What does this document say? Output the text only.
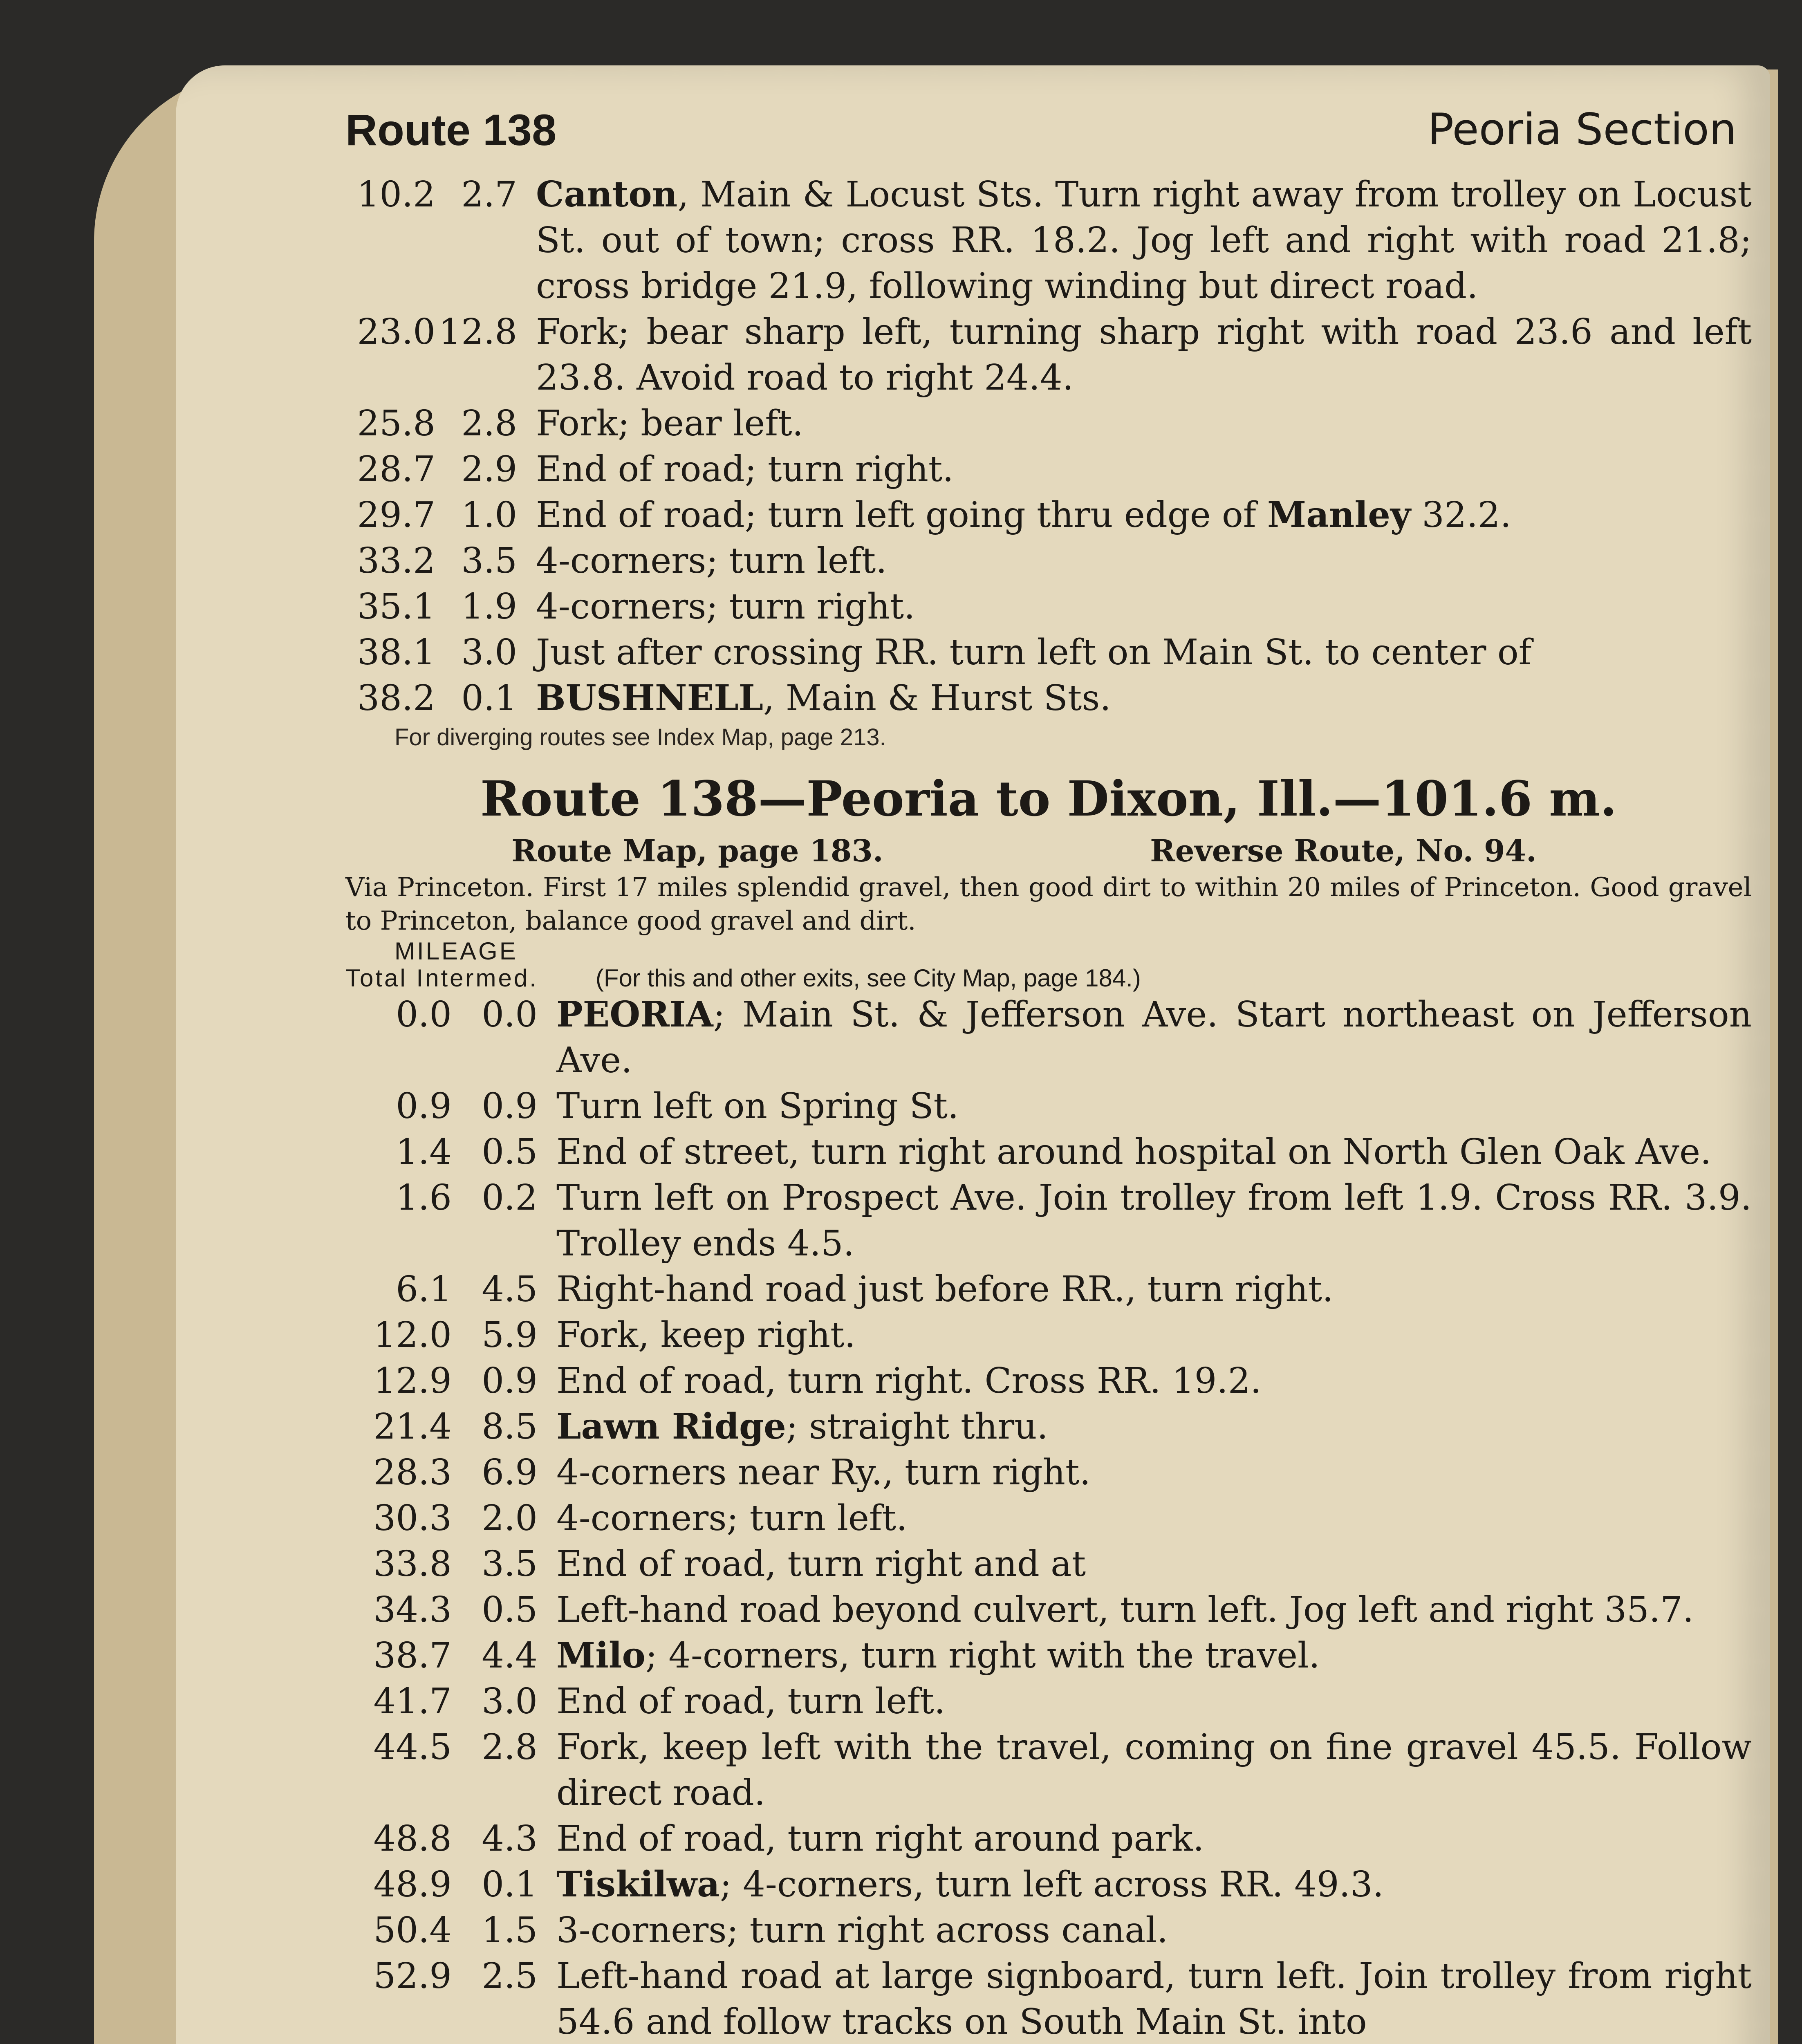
Route 138	Peoria Section
10.2 2.7 Canton, Main & Locust Sts. Turn right away from trolley on Locust St. out of town; cross RR. 18.2. Jog left and right with road 21.8; cross bridge 21.9, following winding but direct road.
23.0 12.8 Fork; bear sharp left, turning sharp right with road 23.6 and left 23.8. Avoid road to right 24.4.
25.8 2.8 Fork; bear left.
28.7 2.9 End of road; turn right.
29.7 1.0 End of road; turn left going thru edge of Manley 32.2.
33.2 3.5 4-corners; turn left.
35.1 1.9 4-corners; turn right.
38.1 3.0 Just after crossing RR. turn left on Main St. to center of
38.2 0.1 BUSHNELL, Main & Hurst Sts.
For diverging routes see Index Map, page 213.
Route 138—Peoria to Dixon, Ill.—101.6 m.
Route Map, page 183.	Reverse Route, No. 94.
Via Princeton. First 17 miles splendid gravel, then good dirt to within 20 miles of Princeton. Good gravel to Princeton, balance good gravel and dirt.
MILEAGE
Total Intermed.	(For this and other exits, see City Map, page 184.)
0.0 0.0 PEORIA; Main St. & Jefferson Ave. Start northeast on Jefferson Ave.
0.9 0.9 Turn left on Spring St.
1.4 0.5 End of street, turn right around hospital on North Glen Oak Ave.
1.6 0.2 Turn left on Prospect Ave. Join trolley from left 1.9. Cross RR. 3.9. Trolley ends 4.5.
6.1 4.5 Right-hand road just before RR., turn right.
12.0 5.9 Fork, keep right.
12.9 0.9 End of road, turn right. Cross RR. 19.2.
21.4 8.5 Lawn Ridge; straight thru.
28.3 6.9 4-corners near Ry., turn right.
30.3 2.0 4-corners; turn left.
33.8 3.5 End of road, turn right and at
34.3 0.5 Left-hand road beyond culvert, turn left. Jog left and right 35.7.
38.7 4.4 Milo; 4-corners, turn right with the travel.
41.7 3.0 End of road, turn left.
44.5 2.8 Fork, keep left with the travel, coming on fine gravel 45.5. Follow direct road.
48.8 4.3 End of road, turn right around park.
48.9 0.1 Tiskilwa; 4-corners, turn left across RR. 49.3.
50.4 1.5 3-corners; turn right across canal.
52.9 2.5 Left-hand road at large signboard, turn left. Join trolley from right 54.6 and follow tracks on South Main St. into
